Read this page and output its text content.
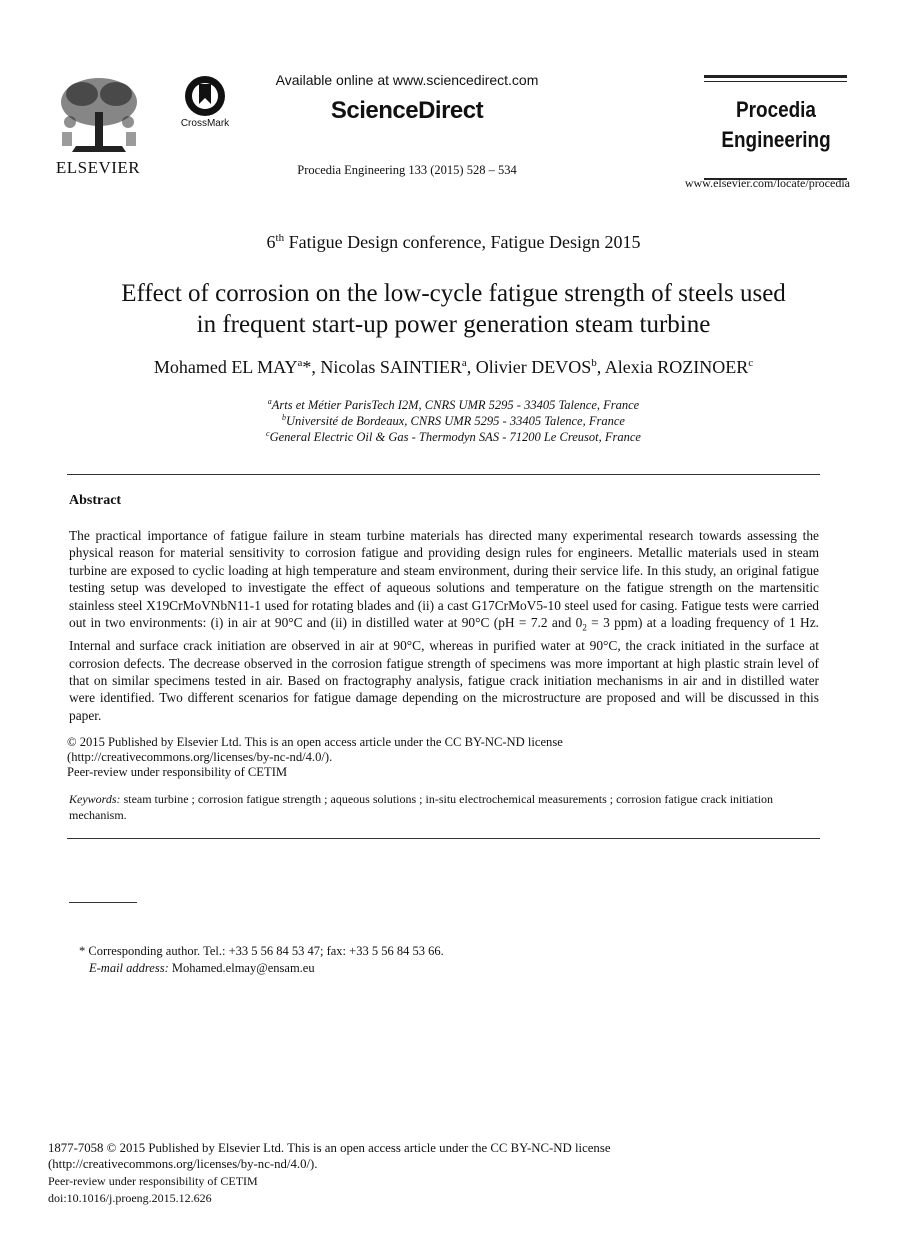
ELSEVIER
CrossMark
Available online at www.sciencedirect.com
ScienceDirect
Procedia Engineering 133 (2015) 528 – 534
Procedia
Engineering
www.elsevier.com/locate/procedia
6th Fatigue Design conference, Fatigue Design 2015
Effect of corrosion on the low-cycle fatigue strength of steels used
in frequent start-up power generation steam turbine
Mohamed EL MAY$^a$*, Nicolas SAINTIER$^a$, Olivier DEVOS$^b$, Alexia ROZINOER$^c$
$^a$Arts et Métier ParisTech I2M, CNRS UMR 5295 - 33405 Talence, France
$^b$Université de Bordeaux, CNRS UMR 5295 - 33405 Talence, France
$^c$General Electric Oil & Gas - Thermodyn SAS - 71200 Le Creusot, France
Abstract
The practical importance of fatigue failure in steam turbine materials has directed many experimental research towards assessing the physical reason for material sensitivity to corrosion fatigue and providing design rules for engineers. Metallic materials used in steam turbine are exposed to cyclic loading at high temperature and steam environment, during their service life. In this study, an original fatigue testing setup was developed to investigate the effect of aqueous solutions and temperature on the fatigue strength on the martensitic stainless steel X19CrMoVNbN11-1 used for rotating blades and (ii) a cast G17CrMoV5-10 steel used for casing. Fatigue tests were carried out in two environments: (i) in air at 90°C and (ii) in distilled water at 90°C (pH = 7.2 and $0_2 = 3$ ppm) at a loading frequency of 1 Hz. Internal and surface crack initiation are observed in air at 90°C, whereas in purified water at 90°C, the crack initiated in the surface at corrosion defects. The decrease observed in the corrosion fatigue strength of specimens was more important at high plastic strain level of that on similar specimens tested in air. Based on fractography analysis, fatigue crack initiation mechanisms in air and in distilled water were identified. Two different scenarios for fatigue damage depending on the microstructure are proposed and will be discussed in this paper.
© 2015 Published by Elsevier Ltd. This is an open access article under the CC BY-NC-ND license
(http://creativecommons.org/licenses/by-nc-nd/4.0/).
Peer-review under responsibility of CETIM
Keywords: steam turbine ; corrosion fatigue strength ; aqueous solutions ; in-situ electrochemical measurements ; corrosion fatigue crack initiation mechanism.
* Corresponding author. Tel.: +33 5 56 84 53 47; fax: +33 5 56 84 53 66.
E-mail address: Mohamed.elmay@ensam.eu
1877-7058 © 2015 Published by Elsevier Ltd. This is an open access article under the CC BY-NC-ND license
(http://creativecommons.org/licenses/by-nc-nd/4.0/).
Peer-review under responsibility of CETIM
doi:10.1016/j.proeng.2015.12.626
